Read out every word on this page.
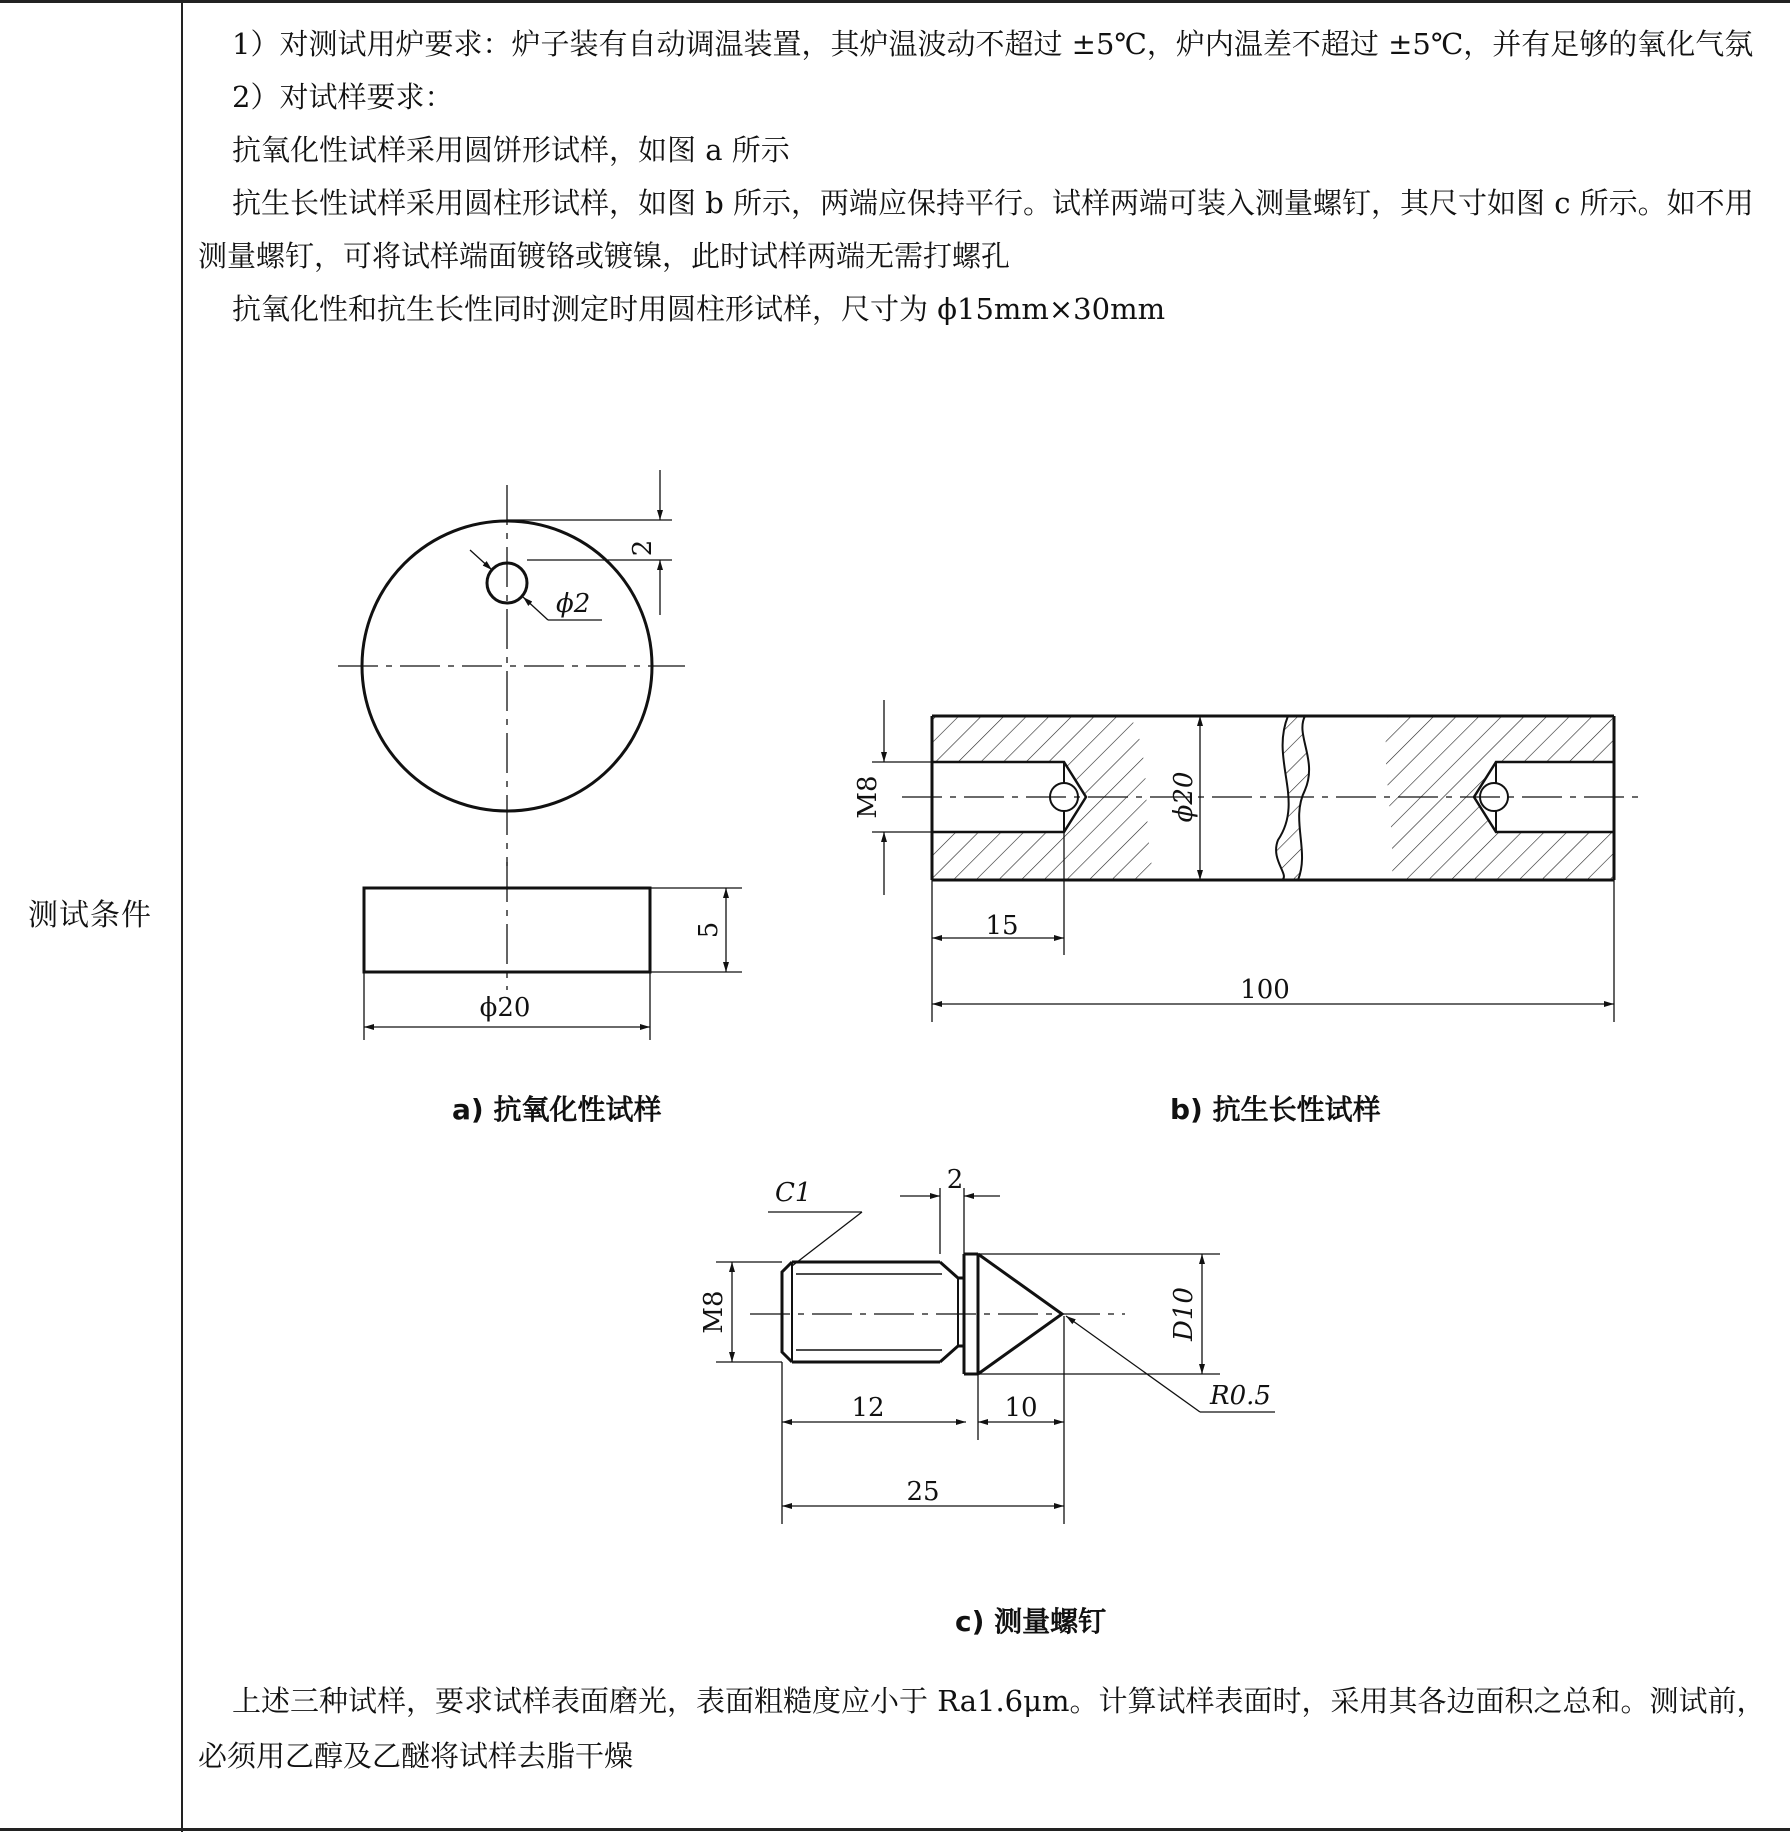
测试条件

1）对测试用炉要求：炉子装有自动调温装置，其炉温波动不超过 ±5℃，炉内温差不超过 ±5℃，并有足够的氧化气氛

2）对试样要求：

抗氧化性试样采用圆饼形试样，如图 a 所示

抗生长性试样采用圆柱形试样，如图 b 所示，两端应保持平行。试样两端可装入测量螺钉，其尺寸如图 c 所示。如不用测量螺钉，可将试样端面镀铬或镀镍，此时试样两端无需打螺孔

抗氧化性和抗生长性同时测定时用圆柱形试样，尺寸为 ϕ15mm×30mm

2
ϕ2
5
ϕ20
M8	ϕ20
15
100
C1	2
M8	D10
R0.5
12	10
25
a) 抗氧化性试样	b) 抗生长性试样
c) 测量螺钉

上述三种试样，要求试样表面磨光，表面粗糙度应小于 Ra1.6μm。计算试样表面时，采用其各边面积之总和。测试前，必须用乙醇及乙醚将试样去脂干燥
